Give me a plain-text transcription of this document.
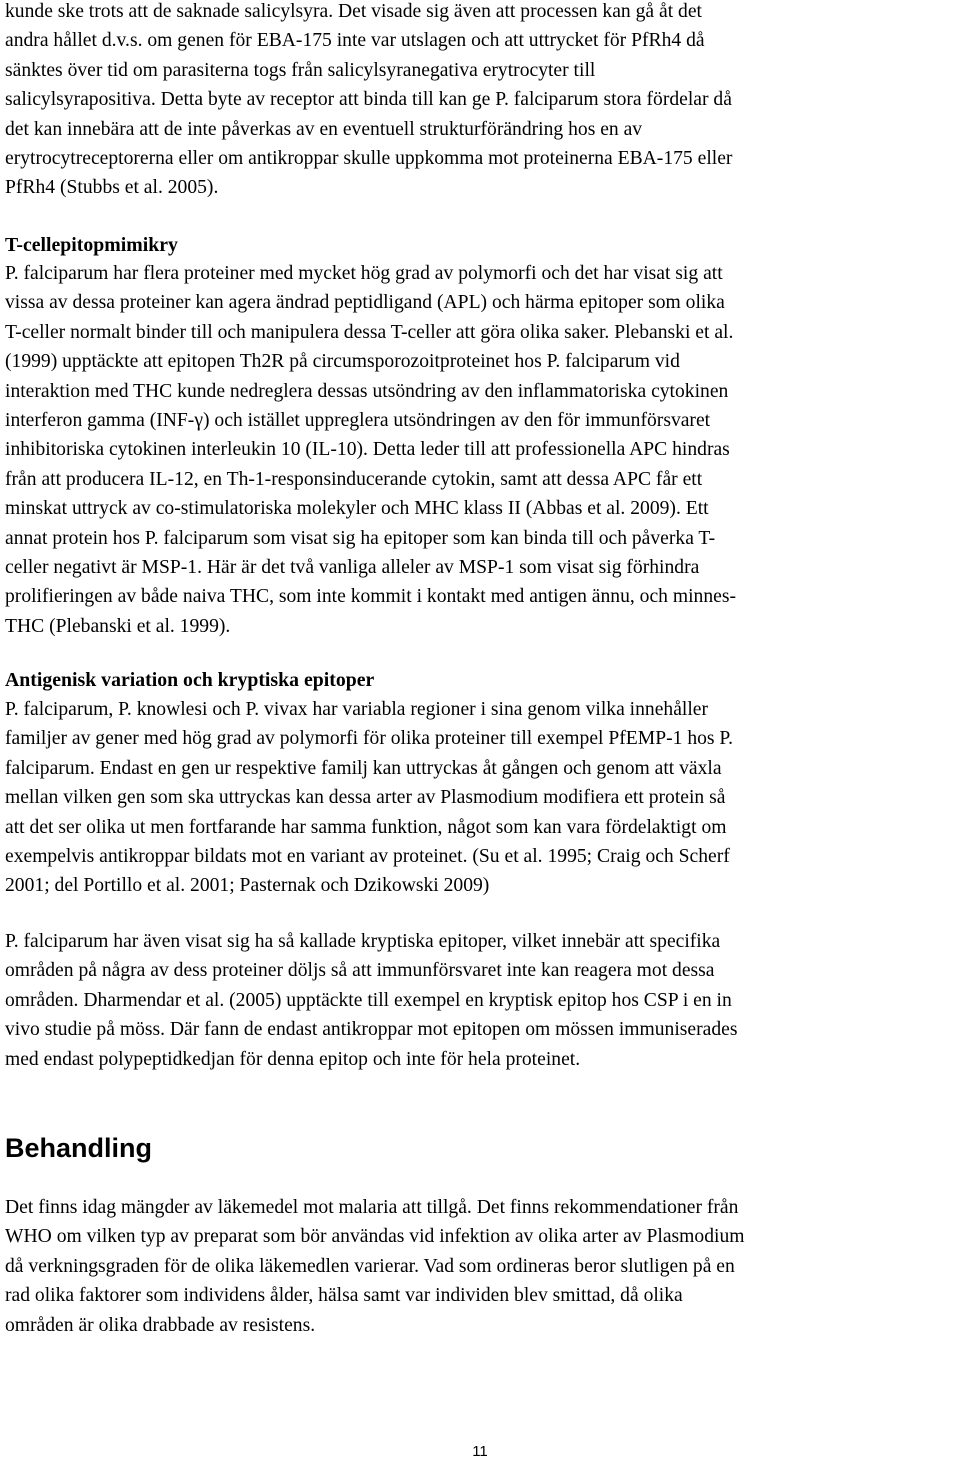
kunde ske trots att de saknade salicylsyra. Det visade sig även att processen kan gå åt det
andra hållet d.v.s. om genen för EBA-175 inte var utslagen och att uttrycket för PfRh4 då
sänktes över tid om parasiterna togs från salicylsyranegativa erytrocyter till
salicylsyrapositiva. Detta byte av receptor att binda till kan ge P. falciparum stora fördelar då
det kan innebära att de inte påverkas av en eventuell strukturförändring hos en av
erytrocytreceptorerna eller om antikroppar skulle uppkomma mot proteinerna EBA-175 eller
PfRh4 (Stubbs et al. 2005).
T-cellepitopmimikry
P. falciparum har flera proteiner med mycket hög grad av polymorfi och det har visat sig att
vissa av dessa proteiner kan agera ändrad peptidligand (APL) och härma epitoper som olika
T-celler normalt binder till och manipulera dessa T-celler att göra olika saker. Plebanski et al.
(1999) upptäckte att epitopen Th2R på circumsporozoitproteinet hos P. falciparum vid
interaktion med THC kunde nedreglera dessas utsöndring av den inflammatoriska cytokinen
interferon gamma (INF-γ) och istället uppreglera utsöndringen av den för immunförsvaret
inhibitoriska cytokinen interleukin 10 (IL-10). Detta leder till att professionella APC hindras
från att producera IL-12, en Th-1-responsinducerande cytokin, samt att dessa APC får ett
minskat uttryck av co-stimulatoriska molekyler och MHC klass II (Abbas et al. 2009). Ett
annat protein hos P. falciparum som visat sig ha epitoper som kan binda till och påverka T-
celler negativt är MSP-1. Här är det två vanliga alleler av MSP-1 som visat sig förhindra
prolifieringen av både naiva THC, som inte kommit i kontakt med antigen ännu, och minnes-
THC (Plebanski et al. 1999).
Antigenisk variation och kryptiska epitoper
P. falciparum, P. knowlesi och P. vivax har variabla regioner i sina genom vilka innehåller
familjer av gener med hög grad av polymorfi för olika proteiner till exempel PfEMP-1 hos P.
falciparum. Endast en gen ur respektive familj kan uttryckas åt gången och genom att växla
mellan vilken gen som ska uttryckas kan dessa arter av Plasmodium modifiera ett protein så
att det ser olika ut men fortfarande har samma funktion, något som kan vara fördelaktigt om
exempelvis antikroppar bildats mot en variant av proteinet. (Su et al. 1995; Craig och Scherf
2001; del Portillo et al. 2001; Pasternak och Dzikowski 2009)
P. falciparum har även visat sig ha så kallade kryptiska epitoper, vilket innebär att specifika
områden på några av dess proteiner döljs så att immunförsvaret inte kan reagera mot dessa
områden. Dharmendar et al. (2005) upptäckte till exempel en kryptisk epitop hos CSP i en in
vivo studie på möss. Där fann de endast antikroppar mot epitopen om mössen immuniserades
med endast polypeptidkedjan för denna epitop och inte för hela proteinet.
Behandling
Det finns idag mängder av läkemedel mot malaria att tillgå. Det finns rekommendationer från
WHO om vilken typ av preparat som bör användas vid infektion av olika arter av Plasmodium
då verkningsgraden för de olika läkemedlen varierar. Vad som ordineras beror slutligen på en
rad olika faktorer som individens ålder, hälsa samt var individen blev smittad, då olika
områden är olika drabbade av resistens.
11
